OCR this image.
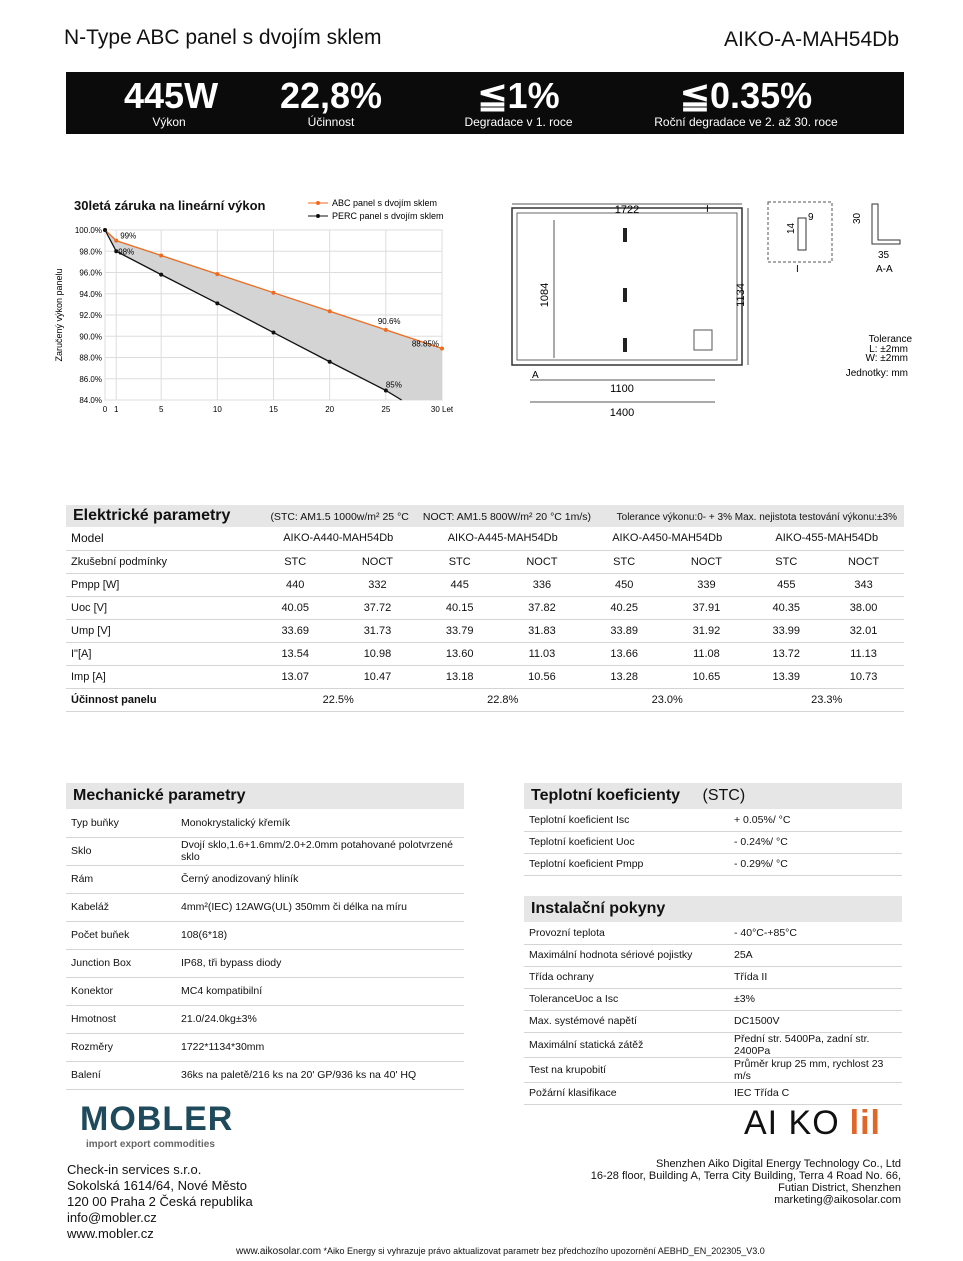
N-Type ABC panel s dvojím sklem	AIKO-A-MAH54Db
445W
Výkon
22,8%
Účinnost
≦1%
Degradace v 1. roce
≦0.35%
Roční degradace ve 2. až 30. roce
30letá záruka na lineární výkon
100.0%
98.0%
96.0%
94.0%
92.0%
90.0%
88.0%
86.0%
84.0%
0 1	5	10	15	20	25	30 Let
Zaručený výkon panelu
ABC panel s dvojím sklem
PERC panel s dvojím sklem
99%
98%
90.6%
88.85%
85%
1722
1084	1134
1100
1400
I
A
9
14
I
30
35
A-A
Tolerance
L: ±2mm
W: ±2mm
Jednotky: mm
Elektrické parametry	(STC: AM1.5 1000w/m² 25 °C NOCT: AM1.5 800W/m² 20 °C 1m/s)	Tolerance výkonu:0- + 3% Max. nejistota testování výkonu:±3%
Model	AIKO-A440-MAH54Db		AIKO-A445-MAH54Db		AIKO-A450-MAH54Db		AIKO-455-MAH54Db	
Zkušební podmínky	STC	NOCT	STC	NOCT	STC	NOCT	STC	NOCT
Pmpp [W]	440	332	445	336	450	339	455	343
Uoc [V]	40.05	37.72	40.15	37.82	40.25	37.91	40.35	38.00
Ump [V]	33.69	31.73	33.79	31.83	33.89	31.92	33.99	32.01
I"[A]	13.54	10.98	13.60	11.03	13.66	11.08	13.72	11.13
Imp [A]	13.07	10.47	13.18	10.56	13.28	10.65	13.39	10.73
Účinnost panelu	22.5%		22.8%		23.0%		23.3%	
Mechanické parametry
Typ buňky	Monokrystalický křemík
Sklo	Dvojí sklo,1.6+1.6mm/2.0+2.0mm potahované polotvrzené sklo
Rám	Černý anodizovaný hliník
Kabeláž	4mm²(IEC) 12AWG(UL) 350mm či délka na míru
Počet buňek	108(6*18)
Junction Box	IP68, tři bypass diody
Konektor	MC4 kompatibilní
Hmotnost	21.0/24.0kg±3%
Rozměry	1722*1134*30mm
Balení	36ks na paletě/216 ks na 20' GP/936 ks na 40' HQ
Teplotní koeficienty (STC)
Teplotní koeficient Isc	+ 0.05%/ °C
Teplotní koeficient Uoc	- 0.24%/ °C
Teplotní koeficient Pmpp	- 0.29%/ °C
Instalační pokyny
Provozní teplota	- 40°C-+85°C
Maximální hodnota sériové pojistky	25A
Třída ochrany	Třída II
ToleranceUoc a Isc	±3%
Max. systémové napětí	DC1500V
Maximální statická zátěž	Přední str. 5400Pa, zadní str. 2400Pa
Test na krupobití	Průměr krup 25 mm, rychlost 23 m/s
Požární klasifikace	IEC Třída C
MOBLER
import export commodities
Check-in services s.r.o.
Sokolská 1614/64, Nové Město
120 00 Praha 2 Česká republika
info@mobler.cz
www.mobler.cz
AI KO lil
Shenzhen Aiko Digital Energy Technology Co., Ltd
16-28 floor, Building A, Terra City Building, Terra 4 Road No. 66,
Futian District, Shenzhen
marketing@aikosolar.com
www.aikosolar.com *Aiko Energy si vyhrazuje právo aktualizovat parametr bez předchozího upozornění AEBHD_EN_202305_V3.0
